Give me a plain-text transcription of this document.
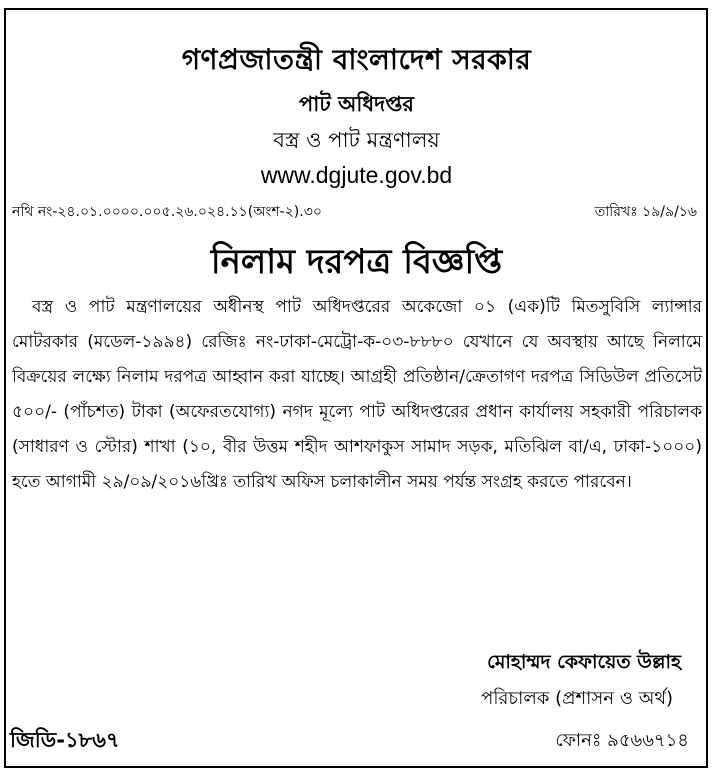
গণপ্রজাতন্ত্রী বাংলাদেশ সরকার
পাট অধিদপ্তর
বস্ত্র ও পাট মন্ত্রণালয়
www.dgjute.gov.bd
নথি নং-২৪.০১.০০০০.০০৫.২৬.০২৪.১১(অংশ-২).৩০	তারিখঃ ১৯/৯/১৬
নিলাম দরপত্র বিজ্ঞপ্তি

বস্ত্র ও পাট মন্ত্রণালয়ের অধীনস্থ পাট অধিদপ্তরের অকেজো ০১ (এক)টি মিতসুবিসি ল্যান্সার মোটরকার (মডেল-১৯৯৪) রেজিঃ নং-ঢাকা-মেট্রো-ক-০৩-৮৮৮০ যেখানে যে অবস্থায় আছে নিলামে বিক্রয়ের লক্ষ্যে নিলাম দরপত্র আহ্বান করা যাচ্ছে। আগ্রহী প্রতিষ্ঠান/ক্রেতাগণ দরপত্র সিডিউল প্রতিসেট ৫০০/- (পাঁচশত) টাকা (অফেরতযোগ্য) নগদ মূল্যে পাট অধিদপ্তরের প্রধান কার্যালয় সহকারী পরিচালক (সাধারণ ও স্টোর) শাখা (১০, বীর উত্তম শহীদ আশফাকুস সামাদ সড়ক, মতিঝিল বা/এ, ঢাকা-১০০০) হতে আগামী ২৯/০৯/২০১৬খ্রিঃ তারিখ অফিস চলাকালীন সময় পর্যন্ত সংগ্রহ করতে পারবেন।

মোহাম্মদ কেফায়েত উল্লাহ
পরিচালক (প্রশাসন ও অর্থ)
জিডি-১৮৬৭	ফোনঃ ৯৫৬৬৭১৪
